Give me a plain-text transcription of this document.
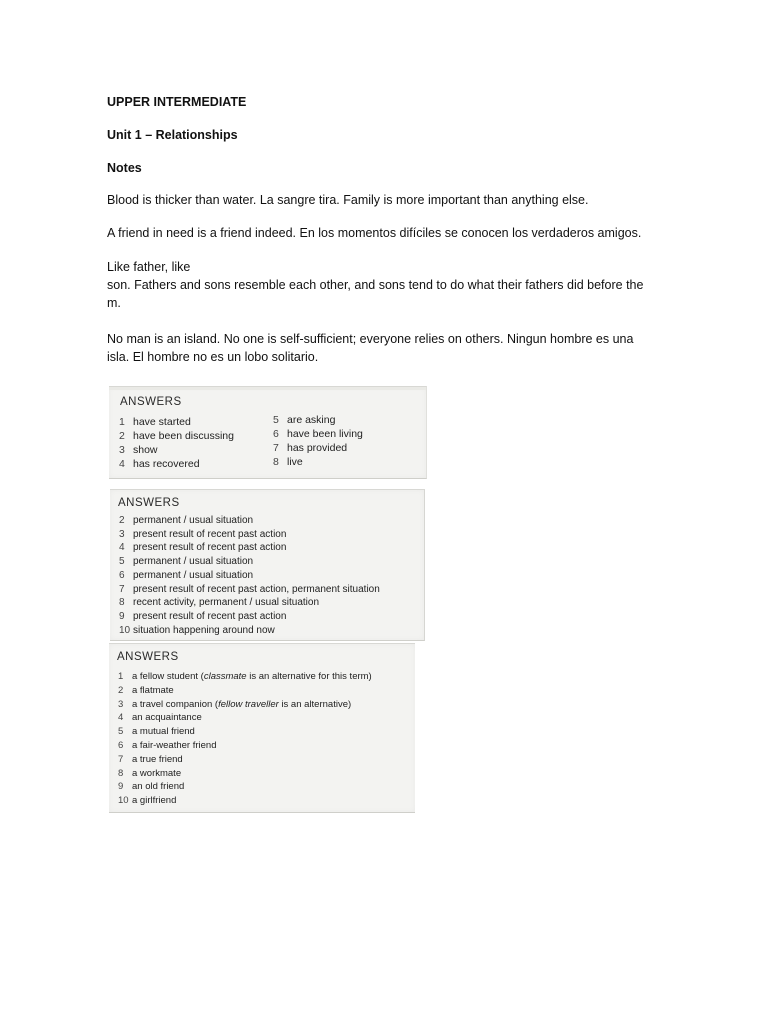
UPPER INTERMEDIATE
Unit 1 – Relationships
Notes
Blood is thicker than water. La sangre tira. Family is more important than anything else.
A friend in need is a friend indeed. En los momentos difíciles se conocen los verdaderos amigos.
Like father, like
son. Fathers and sons resemble each other, and sons tend to do what their fathers did before the
m.
No man is an island. No one is self-sufficient; everyone relies on others. Ningun hombre es una
isla. El hombre no es un lobo solitario.
ANSWERS
1 have started
2 have been discussing
3 show
4 has recovered
5 are asking
6 have been living
7 has provided
8 live
ANSWERS
2 permanent / usual situation
3 present result of recent past action
4 present result of recent past action
5 permanent / usual situation
6 permanent / usual situation
7 present result of recent past action, permanent situation
8 recent activity, permanent / usual situation
9 present result of recent past action
10 situation happening around now
ANSWERS
1 a fellow student (classmate is an alternative for this term)
2 a flatmate
3 a travel companion (fellow traveller is an alternative)
4 an acquaintance
5 a mutual friend
6 a fair-weather friend
7 a true friend
8 a workmate
9 an old friend
10 a girlfriend
